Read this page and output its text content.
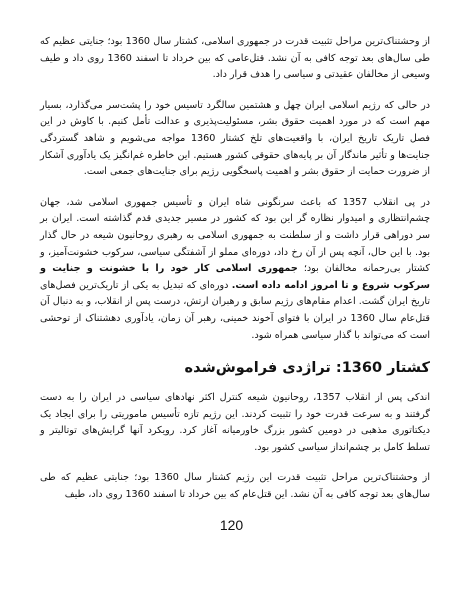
از وحشتناک‌ترین مراحل تثبیت قدرت در جمهوری اسلامی، کشتار سال 1360 بود؛ جنایتی عظیم که طی سال‌های بعد توجه کافی به آن نشد. قتل‌عامی که بین خرداد تا اسفند 1360 روی داد و طیف وسیعی از مخالفان عقیدتی و سیاسی را هدف قرار داد.

در حالی که رژیم اسلامی ایران چهل و هشتمین سالگرد تاسیس خود را پشت‌سر می‌گذارد، بسیار مهم است که در مورد اهمیت حقوق بشر، مسئولیت‌پذیری و عدالت تأمل کنیم. با کاوش در این فصل تاریک تاریخ ایران، با واقعیت‌های تلخ کشتار 1360 مواجه می‌شویم و شاهد گستردگی جنایت‌ها و تأثیر ماندگار آن بر پایه‌های حقوقی کشور هستیم. این خاطره غم‌انگیز یک یادآوری آشکار از ضرورت حمایت از حقوق بشر و اهمیت پاسخگویی رژیم برای جنایت‌های جمعی است.

در پی انقلاب 1357 که باعث سرنگونی شاه ایران و تأسیس جمهوری اسلامی شد، جهان چشم‌انتظاری و امیدوار نظاره گر این بود که کشور در مسیر جدیدی قدم گذاشته است. ایران بر سر دوراهی قرار داشت و از سلطنت به جمهوری اسلامی به رهبری روحانیون شیعه در حال گذار بود. با این حال، آنچه پس از آن رخ داد، دوره‌ای مملو از آشفتگی سیاسی، سرکوب خشونت‌آمیز، و کشتار بی‌رحمانه مخالفان بود؛ جمهوری اسلامی کار خود را با خشونت و جنایت و سرکوب شروع و تا امروز ادامه داده است. دوره‌ای که تبدیل به یکی از تاریک‌ترین فصل‌های تاریخ ایران گشت. اعدام مقام‌های رژیم سابق و رهبران ارتش، درست پس از انقلاب، و به دنبال آن قتل‌عام سال 1360 در ایران با فتوای آخوند خمینی، رهبر آن زمان، یادآوری دهشتناک از توحشی است که می‌تواند با گذار سیاسی همراه شود.

کشتار 1360: تراژدی فراموش‌شده

اندکی پس از انقلاب 1357، روحانیون شیعه کنترل اکثر نهادهای سیاسی در ایران را به دست گرفتند و به سرعت قدرت خود را تثبیت کردند. این رژیم تازه تأسیس ماموریتی را برای ایجاد یک دیکتاتوری مذهبی در دومین کشور بزرگ خاورمیانه آغاز کرد. رویکرد آنها گرایش‌های توتالیتر و تسلط کامل بر چشم‌انداز سیاسی کشور بود.

از وحشتناک‌ترین مراحل تثبیت قدرت این رژیم کشتار سال 1360 بود؛ جنایتی عظیم که طی سال‌های بعد توجه کافی به آن نشد. این قتل‌عام که بین خرداد تا اسفند 1360 روی داد، طیف

120
